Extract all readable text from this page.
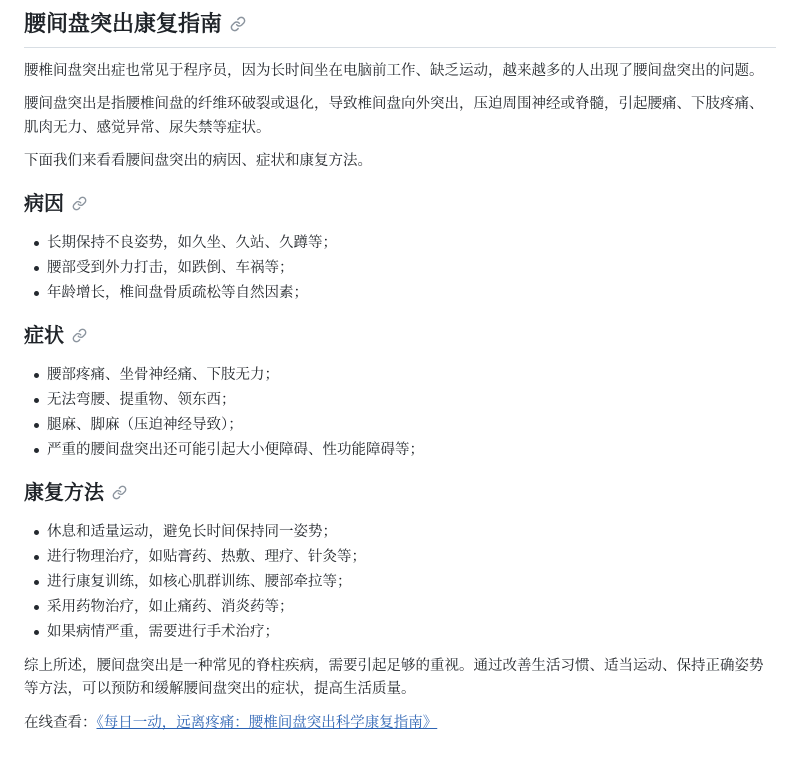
腰间盘突出康复指南

腰椎间盘突出症也常见于程序员，因为长时间坐在电脑前工作、缺乏运动，越来越多的人出现了腰间盘突出的问题。

腰间盘突出是指腰椎间盘的纤维环破裂或退化，导致椎间盘向外突出，压迫周围神经或脊髓，引起腰痛、下肢疼痛、肌肉无力、感觉异常、尿失禁等症状。

下面我们来看看腰间盘突出的病因、症状和康复方法。

病因
长期保持不良姿势，如久坐、久站、久蹲等；
腰部受到外力打击，如跌倒、车祸等；
年龄增长，椎间盘骨质疏松等自然因素；
症状
腰部疼痛、坐骨神经痛、下肢无力；
无法弯腰、提重物、领东西；
腿麻、脚麻（压迫神经导致）；
严重的腰间盘突出还可能引起大小便障碍、性功能障碍等；
康复方法
休息和适量运动，避免长时间保持同一姿势；
进行物理治疗，如贴膏药、热敷、理疗、针灸等；
进行康复训练，如核心肌群训练、腰部牵拉等；
采用药物治疗，如止痛药、消炎药等；
如果病情严重，需要进行手术治疗；

综上所述，腰间盘突出是一种常见的脊柱疾病，需要引起足够的重视。通过改善生活习惯、适当运动、保持正确姿势等方法，可以预防和缓解腰间盘突出的症状，提高生活质量。

在线查看：《每日一动，远离疼痛：腰椎间盘突出科学康复指南》
